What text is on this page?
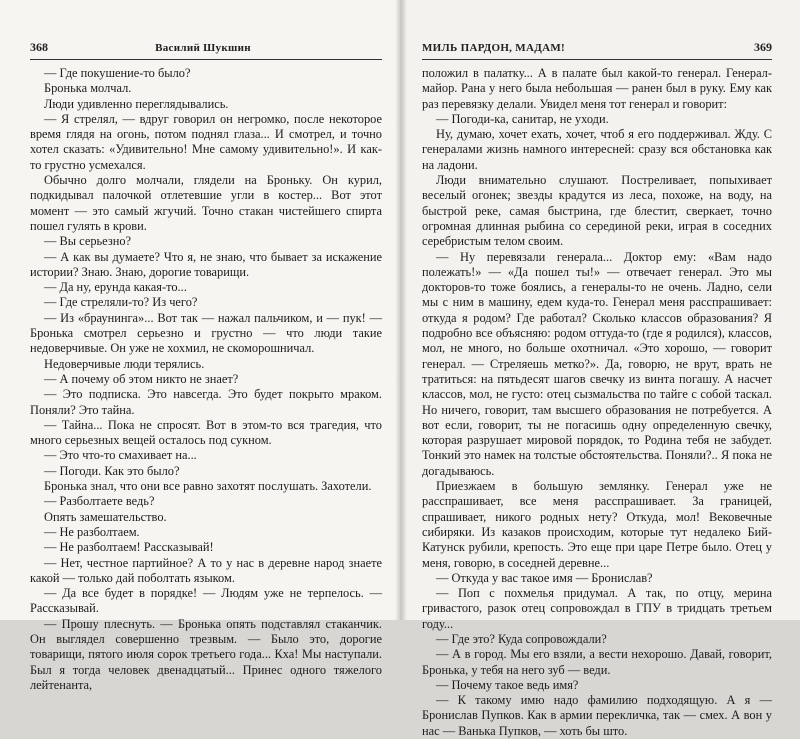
368	Василий Шукшин

— Где покушение-то было?

Бронька молчал.

Люди удивленно переглядывались.

— Я стрелял, — вдруг говорил он негромко, после некоторое время глядя на огонь, потом поднял глаза... И смотрел, и точно хотел сказать: «Удивительно! Мне самому удивительно!». И как-то грустно усмехался.

Обычно долго молчали, глядели на Броньку. Он курил, подкидывал палочкой отлетевшие угли в костер... Вот этот момент — это самый жгучий. Точно стакан чистейшего спирта пошел гулять в крови.

— Вы серьезно?

— А как вы думаете? Что я, не знаю, что бывает за искажение истории? Знаю. Знаю, дорогие товарищи.

— Да ну, ерунда какая-то...

— Где стреляли-то? Из чего?

— Из «браунинга»... Вот так — нажал пальчиком, и — пук! — Бронька смотрел серьезно и грустно — что люди такие недоверчивые. Он уже не хохмил, не скоморошничал.

Недоверчивые люди терялись.

— А почему об этом никто не знает?

— Это подписка. Это навсегда. Это будет покрыто мраком. Поняли? Это тайна.

— Тайна... Пока не спросят. Вот в этом-то вся трагедия, что много серьезных вещей осталось под сукном.

— Это что-то смахивает на...

— Погоди. Как это было?

Бронька знал, что они все равно захотят послушать. Захотели.

— Разболтаете ведь?

Опять замешательство.

— Не разболтаем.

— Не разболтаем! Рассказывай!

— Нет, честное партийное? А то у нас в деревне народ знаете какой — только дай поболтать языком.

— Да все будет в порядке! — Людям уже не терпелось. — Рассказывай.

— Прошу плеснуть. — Бронька опять подставлял стаканчик. Он выглядел совершенно трезвым. — Было это, дорогие товарищи, пятого июля сорок третьего года... Кха! Мы наступали. Был я тогда человек двенадцатый... Принес одного тяжелого лейтенанта,

МИЛЬ ПАРДОН, МАДАМ!	369

положил в палатку... А в палате был какой-то генерал. Генерал-майор. Рана у него была небольшая — ранен был в руку. Ему как раз перевязку делали. Увидел меня тот генерал и говорит:

— Погоди-ка, санитар, не уходи.

Ну, думаю, хочет ехать, хочет, чтоб я его поддерживал. Жду. С генералами жизнь намного интересней: сразу вся обстановка как на ладони.

Люди внимательно слушают. Постреливает, попыхивает веселый огонек; звезды крадутся из леса, похоже, на воду, на быстрой реке, самая быстрина, где блестит, сверкает, точно огромная длинная рыбина со серединой реки, играя в соседних серебристым телом своим.

— Ну перевязали генерала... Доктор ему: «Вам надо полежать!» — «Да пошел ты!» — отвечает генерал. Это мы докторов-то тоже боялись, а генералы-то не очень. Ладно, сели мы с ним в машину, едем куда-то. Генерал меня расспрашивает: откуда я родом? Где работал? Сколько классов образования? Я подробно все объясняю: родом оттуда-то (где я родился), классов, мол, не много, но больше охотничал. «Это хорошо, — говорит генерал. — Стреляешь метко?». Да, говорю, не врут, врать не тратиться: на пятьдесят шагов свечку из винта погашу. А насчет классов, мол, не густо: отец сызмальства по тайге с собой таскал. Но ничего, говорит, там высшего образования не потребуется. А вот если, говорит, ты не погасишь одну определенную свечку, которая разрушает мировой порядок, то Родина тебя не забудет. Тонкий это намек на толстые обстоятельства. Поняли?.. Я пока не догадываюсь.

Приезжаем в большую землянку. Генерал уже не расспрашивает, все меня расспрашивает. За границей, спрашивает, никого родных нету? Откуда, мол! Вековечные сибиряки. Из казаков происходим, которые тут недалеко Бий-Катунск рубили, крепость. Это еще при царе Петре было. Отец у меня, говорю, в соседней деревне...

— Откуда у вас такое имя — Бронислав?

— Поп с похмелья придумал. А так, по отцу, мерина гривастого, разок отец сопровождал в ГПУ в тридцать третьем году...

— Где это? Куда сопровождали?

— А в город. Мы его взяли, а вести нехорошо. Давай, говорит, Бронька, у тебя на него зуб — веди.

— Почему такое ведь имя?

— К такому имю надо фамилию подходящую. А я — Бронислав Пупков. Как в армии перекличка, так — смех. А вон у нас — Ванька Пупков, — хоть бы што.
